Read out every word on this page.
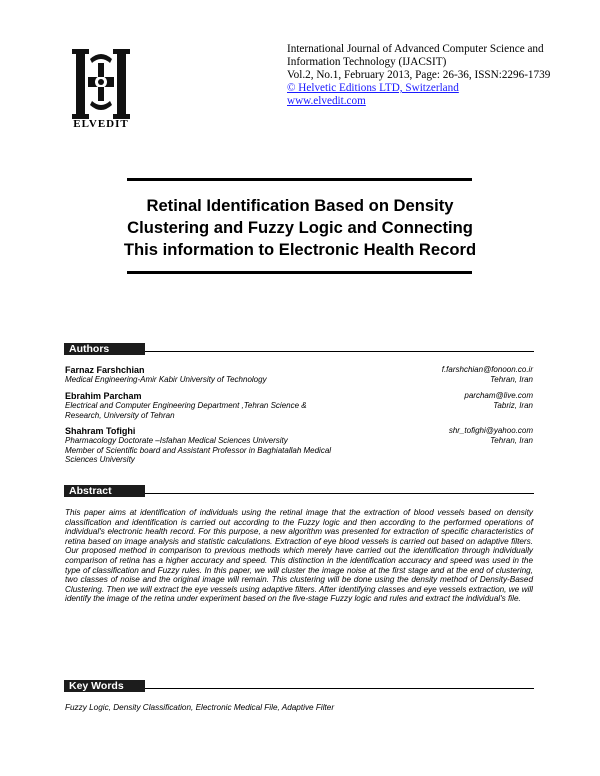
ELVEDIT
International Journal of Advanced Computer Science and
Information Technology (IJACSIT)
Vol.2, No.1, February 2013, Page: 26-36, ISSN:2296-1739
© Helvetic Editions LTD, Switzerland
www.elvedit.com
Retinal Identification Based on Density
Clustering and Fuzzy Logic and Connecting
This information to Electronic Health Record
Authors
Farnaz Farshchian
Medical Engineering-Amir Kabir University of Technology
f.farshchian@fonoon.co.ir
Tehran, Iran
Ebrahim Parcham
Electrical and Computer Engineering Department ,Tehran Science &
Research, University of Tehran
parcham@live.com
Tabriz, Iran
Shahram Tofighi
Pharmacology Doctorate –Isfahan Medical Sciences University
Member of Scientific board and Assistant Professor in Baghiatallah Medical
Sciences University
shr_tofighi@yahoo.com
Tehran, Iran
Abstract
This paper aims at identification of individuals using the retinal image that the extraction of blood vessels based on density classification and identification is carried out according to the Fuzzy logic and then according to the performed operations of individual's electronic health record. For this purpose, a new algorithm was presented for extraction of specific characteristics of retina based on image analysis and statistic calculations. Extraction of eye blood vessels is carried out based on adaptive filters. Our proposed method in comparison to previous methods which merely have carried out the identification through individually comparison of retina has a higher accuracy and speed. This distinction in the identification accuracy and speed was used in the type of classification and Fuzzy rules. In this paper, we will cluster the image noise at the first stage and at the end of clustering, two classes of noise and the original image will remain. This clustering will be done using the density method of Density-Based Clustering. Then we will extract the eye vessels using adaptive filters. After identifying classes and eye vessels extraction, we will identify the image of the retina under experiment based on the five-stage Fuzzy logic and rules and extract the individual's file.
Key Words
Fuzzy Logic, Density Classification, Electronic Medical File, Adaptive Filter
